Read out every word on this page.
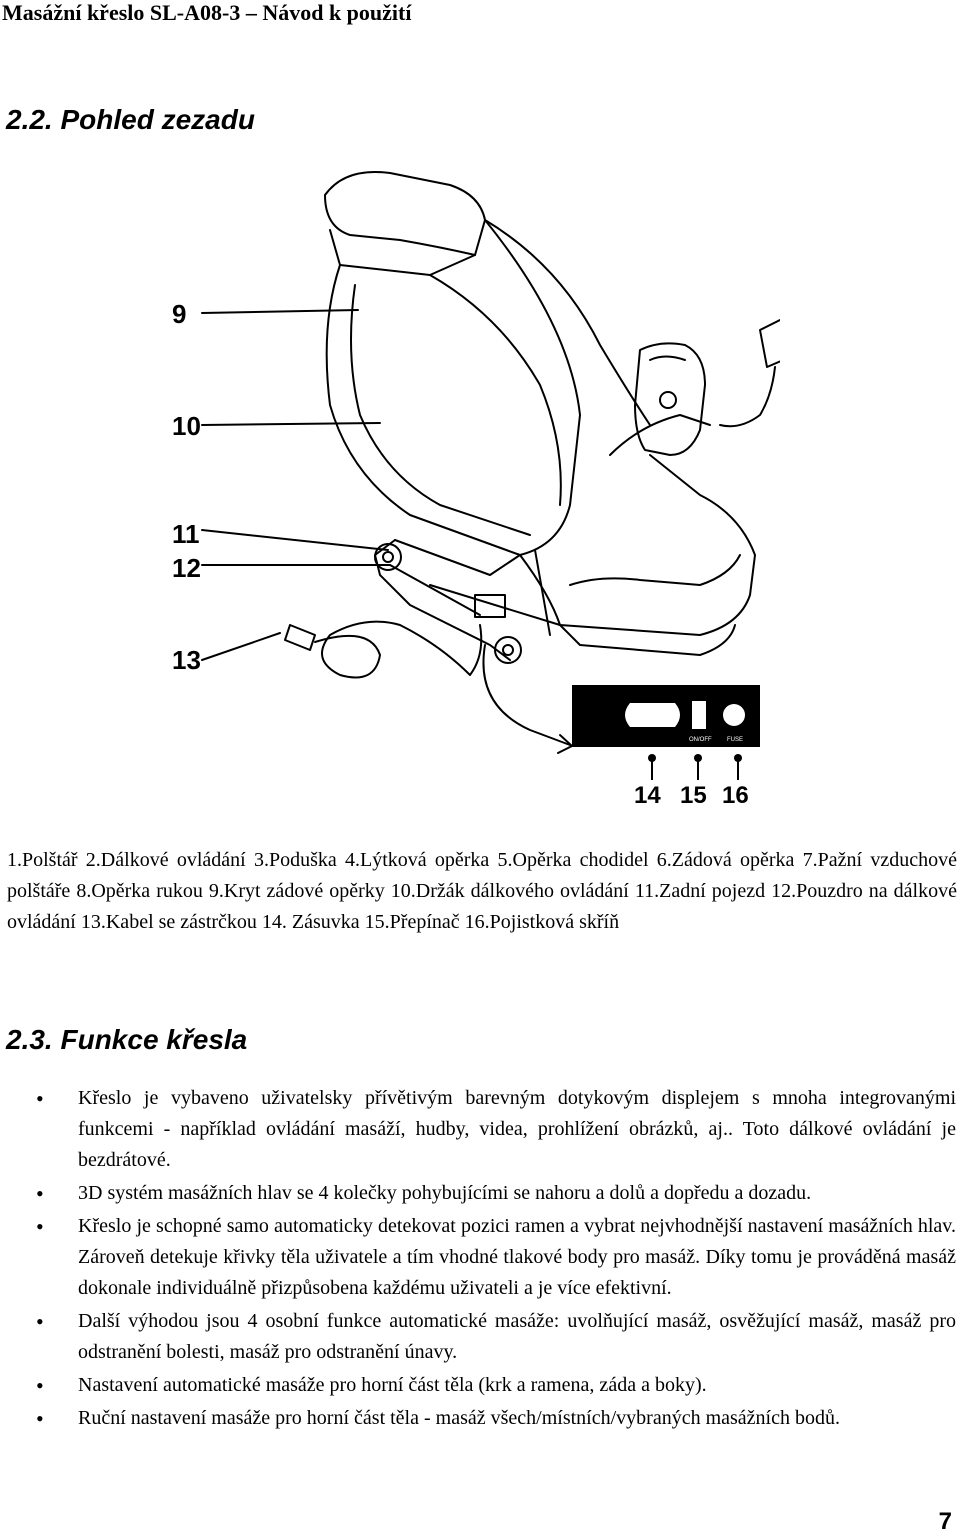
Masážní křeslo SL-A08-3 – Návod k použití
2.2. Pohled zezadu
9
10
11
12
13
ON/OFF	FUSE
14 15 16
1.Polštář 2.Dálkové ovládání 3.Poduška 4.Lýtková opěrka 5.Opěrka chodidel 6.Zádová opěrka 7.Pažní vzduchové polštáře 8.Opěrka rukou 9.Kryt zádové opěrky 10.Držák dálkového ovládání 11.Zadní pojezd 12.Pouzdro na dálkové ovládání 13.Kabel se zástrčkou 14. Zásuvka 15.Přepínač 16.Pojistková skříň
2.3. Funkce křesla
• Křeslo je vybaveno uživatelsky přívětivým barevným dotykovým displejem s mnoha integrovanými funkcemi - například ovládání masáží, hudby, videa, prohlížení obrázků, aj.. Toto dálkové ovládání je bezdrátové.
• 3D systém masážních hlav se 4 kolečky pohybujícími se nahoru a dolů a dopředu a dozadu.
• Křeslo je schopné samo automaticky detekovat pozici ramen a vybrat nejvhodnější nastavení masážních hlav. Zároveň detekuje křivky těla uživatele a tím vhodné tlakové body pro masáž. Díky tomu je prováděná masáž dokonale individuálně přizpůsobena každému uživateli a je více efektivní.
• Další výhodou jsou 4 osobní funkce automatické masáže: uvolňující masáž, osvěžující masáž, masáž pro odstranění bolesti, masáž pro odstranění únavy.
• Nastavení automatické masáže pro horní část těla (krk a ramena, záda a boky).
• Ruční nastavení masáže pro horní část těla - masáž všech/místních/vybraných masážních bodů.
7
